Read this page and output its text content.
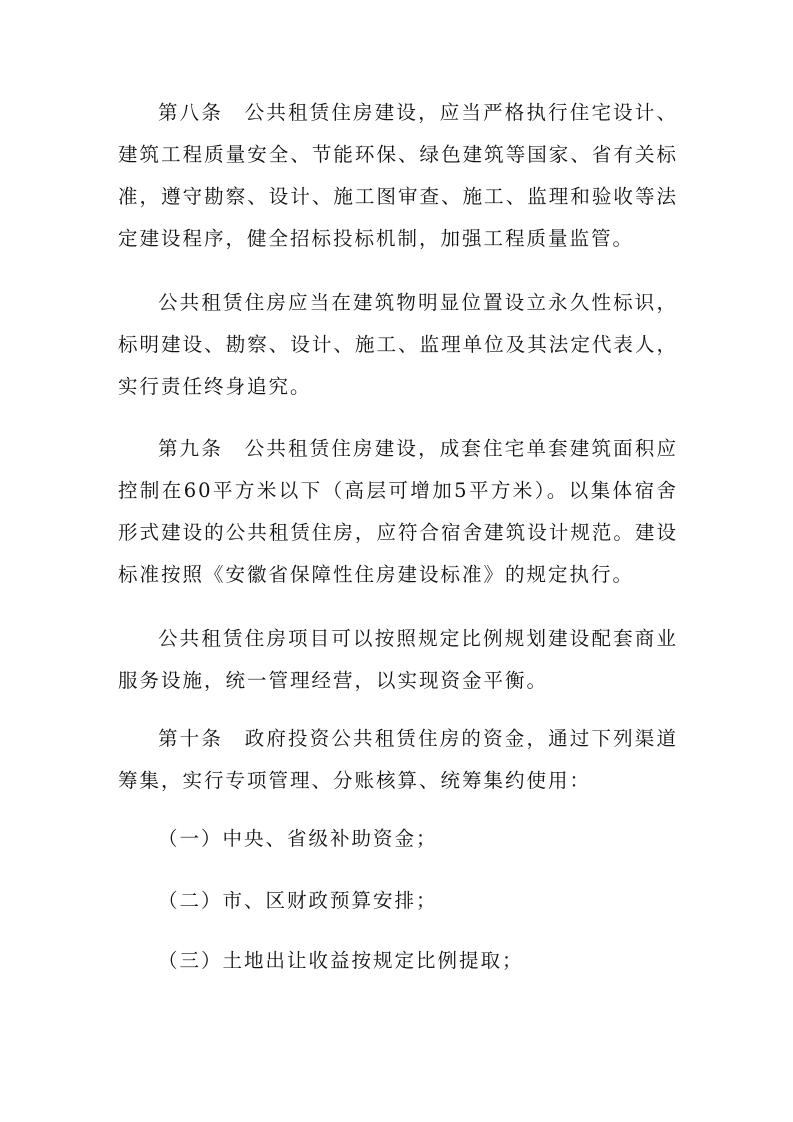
第八条　公共租赁住房建设，应当严格执行住宅设计、建筑工程质量安全、节能环保、绿色建筑等国家、省有关标准，遵守勘察、设计、施工图审查、施工、监理和验收等法定建设程序，健全招标投标机制，加强工程质量监管。

公共租赁住房应当在建筑物明显位置设立永久性标识，标明建设、勘察、设计、施工、监理单位及其法定代表人，实行责任终身追究。

第九条　公共租赁住房建设，成套住宅单套建筑面积应控制在60平方米以下（高层可增加5平方米）。以集体宿舍形式建设的公共租赁住房，应符合宿舍建筑设计规范。建设标准按照《安徽省保障性住房建设标准》的规定执行。

公共租赁住房项目可以按照规定比例规划建设配套商业服务设施，统一管理经营，以实现资金平衡。

第十条　政府投资公共租赁住房的资金，通过下列渠道筹集，实行专项管理、分账核算、统筹集约使用：

（一）中央、省级补助资金；
（二）市、区财政预算安排；
（三）土地出让收益按规定比例提取；
